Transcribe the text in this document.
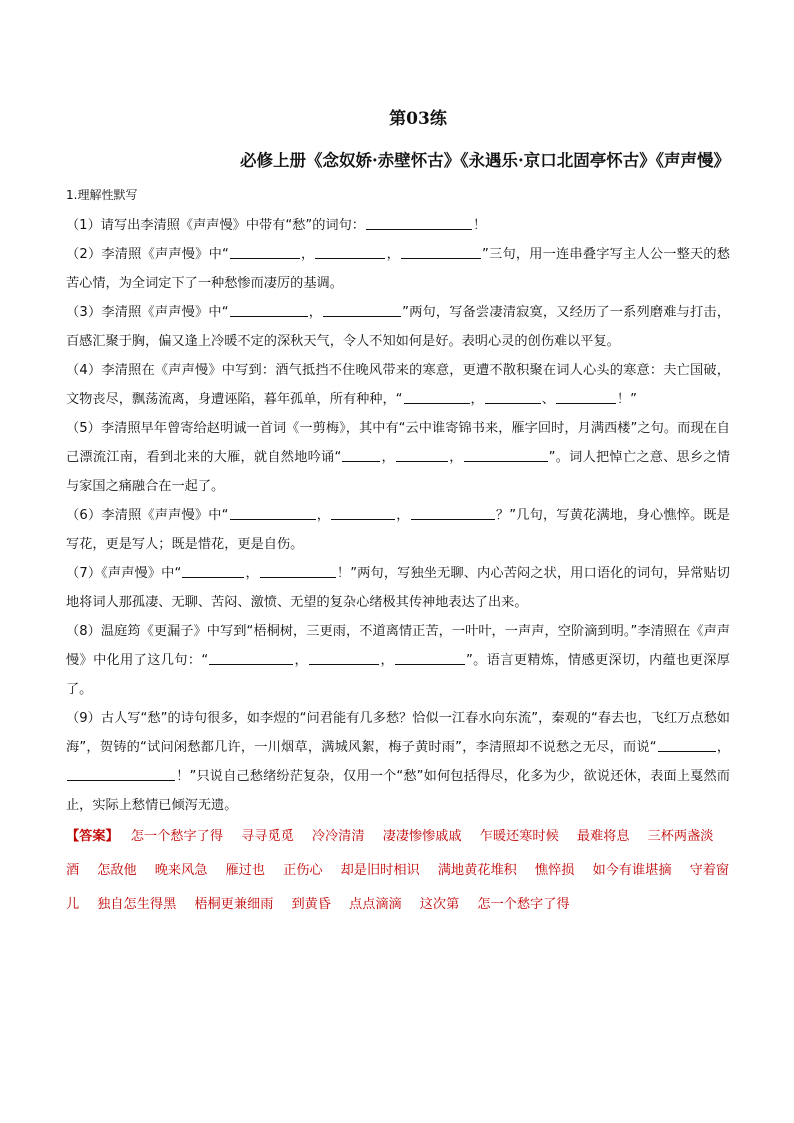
第03练
必修上册《念奴娇·赤壁怀古》《永遇乐·京口北固亭怀古》《声声慢》
1.理解性默写

（1）请写出李清照《声声慢》中带有“愁”的词句：	！

（2）李清照《声声慢》中“	，	，	”三句，用一连串叠字写主人公一整天的愁苦心情，为全词定下了一种愁惨而凄厉的基调。

（3）李清照《声声慢》中“	，	”两句，写备尝凄清寂寞，又经历了一系列磨难与打击，百感汇聚于胸，偏又逢上冷暖不定的深秋天气，令人不知如何是好。表明心灵的创伤难以平复。

（4）李清照在《声声慢》中写到：酒气抵挡不住晚风带来的寒意，更遭不散积聚在词人心头的寒意：夫亡国破，文物丧尽，飘荡流离，身遭诬陷，暮年孤单，所有种种，“	，	、	！”

（5）李清照早年曾寄给赵明诚一首词《一剪梅》，其中有“云中谁寄锦书来，雁字回时，月满西楼”之句。而现在自己漂流江南，看到北来的大雁，就自然地吟诵“	，	，	”。词人把悼亡之意、思乡之情与家国之痛融合在一起了。

（6）李清照《声声慢》中“	，	，	？”几句，写黄花满地，身心憔悴。既是写花，更是写人；既是惜花，更是自伤。

（7）《声声慢》中“	，	！”两句，写独坐无聊、内心苦闷之状，用口语化的词句，异常贴切地将词人那孤凄、无聊、苦闷、激愤、无望的复杂心绪极其传神地表达了出来。

（8）温庭筠《更漏子》中写到“梧桐树，三更雨，不道离情正苦，一叶叶，一声声，空阶滴到明。”李清照在《声声慢》中化用了这几句：“	，	，	”。语言更精炼，情感更深切，内蕴也更深厚了。

（9）古人写“愁”的诗句很多，如李煜的“问君能有几多愁？恰似一江春水向东流”，秦观的“春去也，飞红万点愁如海”，贺铸的“试问闲愁都几许，一川烟草，满城风絮，梅子黄时雨”，李清照却不说愁之无尽，而说“	，！”只说自己愁绪纷茫复杂，仅用一个“愁”如何包括得尽，化多为少，欲说还休，表面上戛然而止，实际上愁情已倾泻无遗。

【答案】 怎一个愁字了得 寻寻觅觅 冷冷清清 凄凄惨惨戚戚 乍暖还寒时候 最难将息 三杯两盏淡酒 怎敌他 晚来风急 雁过也 正伤心 却是旧时相识 满地黄花堆积 憔悴损 如今有谁堪摘 守着窗儿 独自怎生得黑 梧桐更兼细雨 到黄昏 点点滴滴 这次第 怎一个愁字了得
